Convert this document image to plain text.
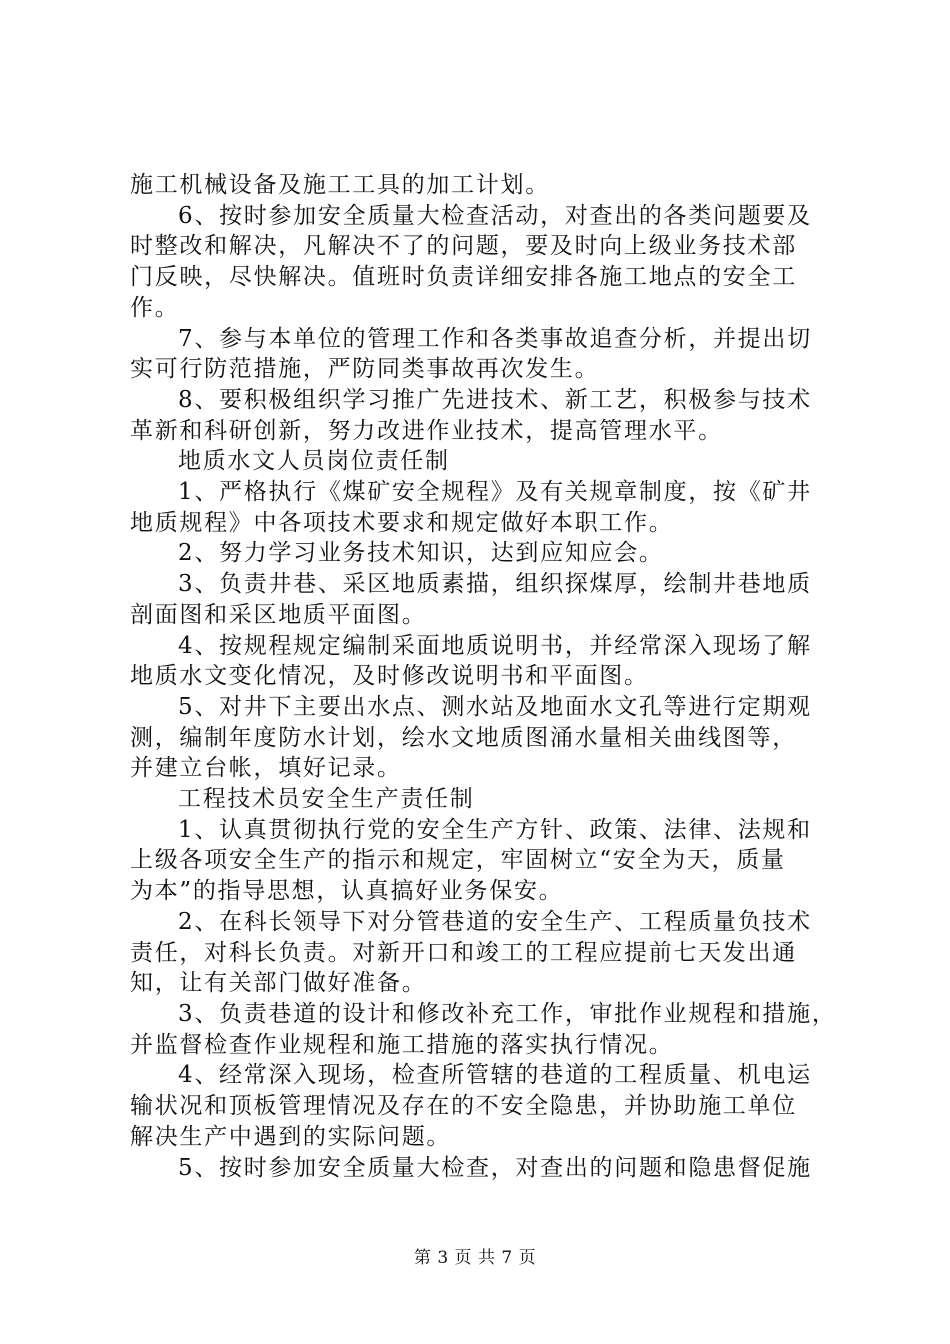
施工机械设备及施工工具的加工计划。
6、按时参加安全质量大检查活动，对查出的各类问题要及
时整改和解决，凡解决不了的问题，要及时向上级业务技术部
门反映，尽快解决。值班时负责详细安排各施工地点的安全工
作。
7、参与本单位的管理工作和各类事故追查分析，并提出切
实可行防范措施，严防同类事故再次发生。
8、要积极组织学习推广先进技术、新工艺，积极参与技术
革新和科研创新，努力改进作业技术，提高管理水平。
地质水文人员岗位责任制
1、严格执行《煤矿安全规程》及有关规章制度，按《矿井
地质规程》中各项技术要求和规定做好本职工作。
2、努力学习业务技术知识，达到应知应会。
3、负责井巷、采区地质素描，组织探煤厚，绘制井巷地质
剖面图和采区地质平面图。
4、按规程规定编制采面地质说明书，并经常深入现场了解
地质水文变化情况，及时修改说明书和平面图。
5、对井下主要出水点、测水站及地面水文孔等进行定期观
测，编制年度防水计划，绘水文地质图涌水量相关曲线图等，
并建立台帐，填好记录。
工程技术员安全生产责任制
1、认真贯彻执行党的安全生产方针、政策、法律、法规和
上级各项安全生产的指示和规定，牢固树立“安全为天，质量
为本”的指导思想，认真搞好业务保安。
2、在科长领导下对分管巷道的安全生产、工程质量负技术
责任，对科长负责。对新开口和竣工的工程应提前七天发出通
知，让有关部门做好准备。
3、负责巷道的设计和修改补充工作，审批作业规程和措施，
并监督检查作业规程和施工措施的落实执行情况。
4、经常深入现场，检查所管辖的巷道的工程质量、机电运
输状况和顶板管理情况及存在的不安全隐患，并协助施工单位
解决生产中遇到的实际问题。
5、按时参加安全质量大检查，对查出的问题和隐患督促施
第 3 页 共 7 页
